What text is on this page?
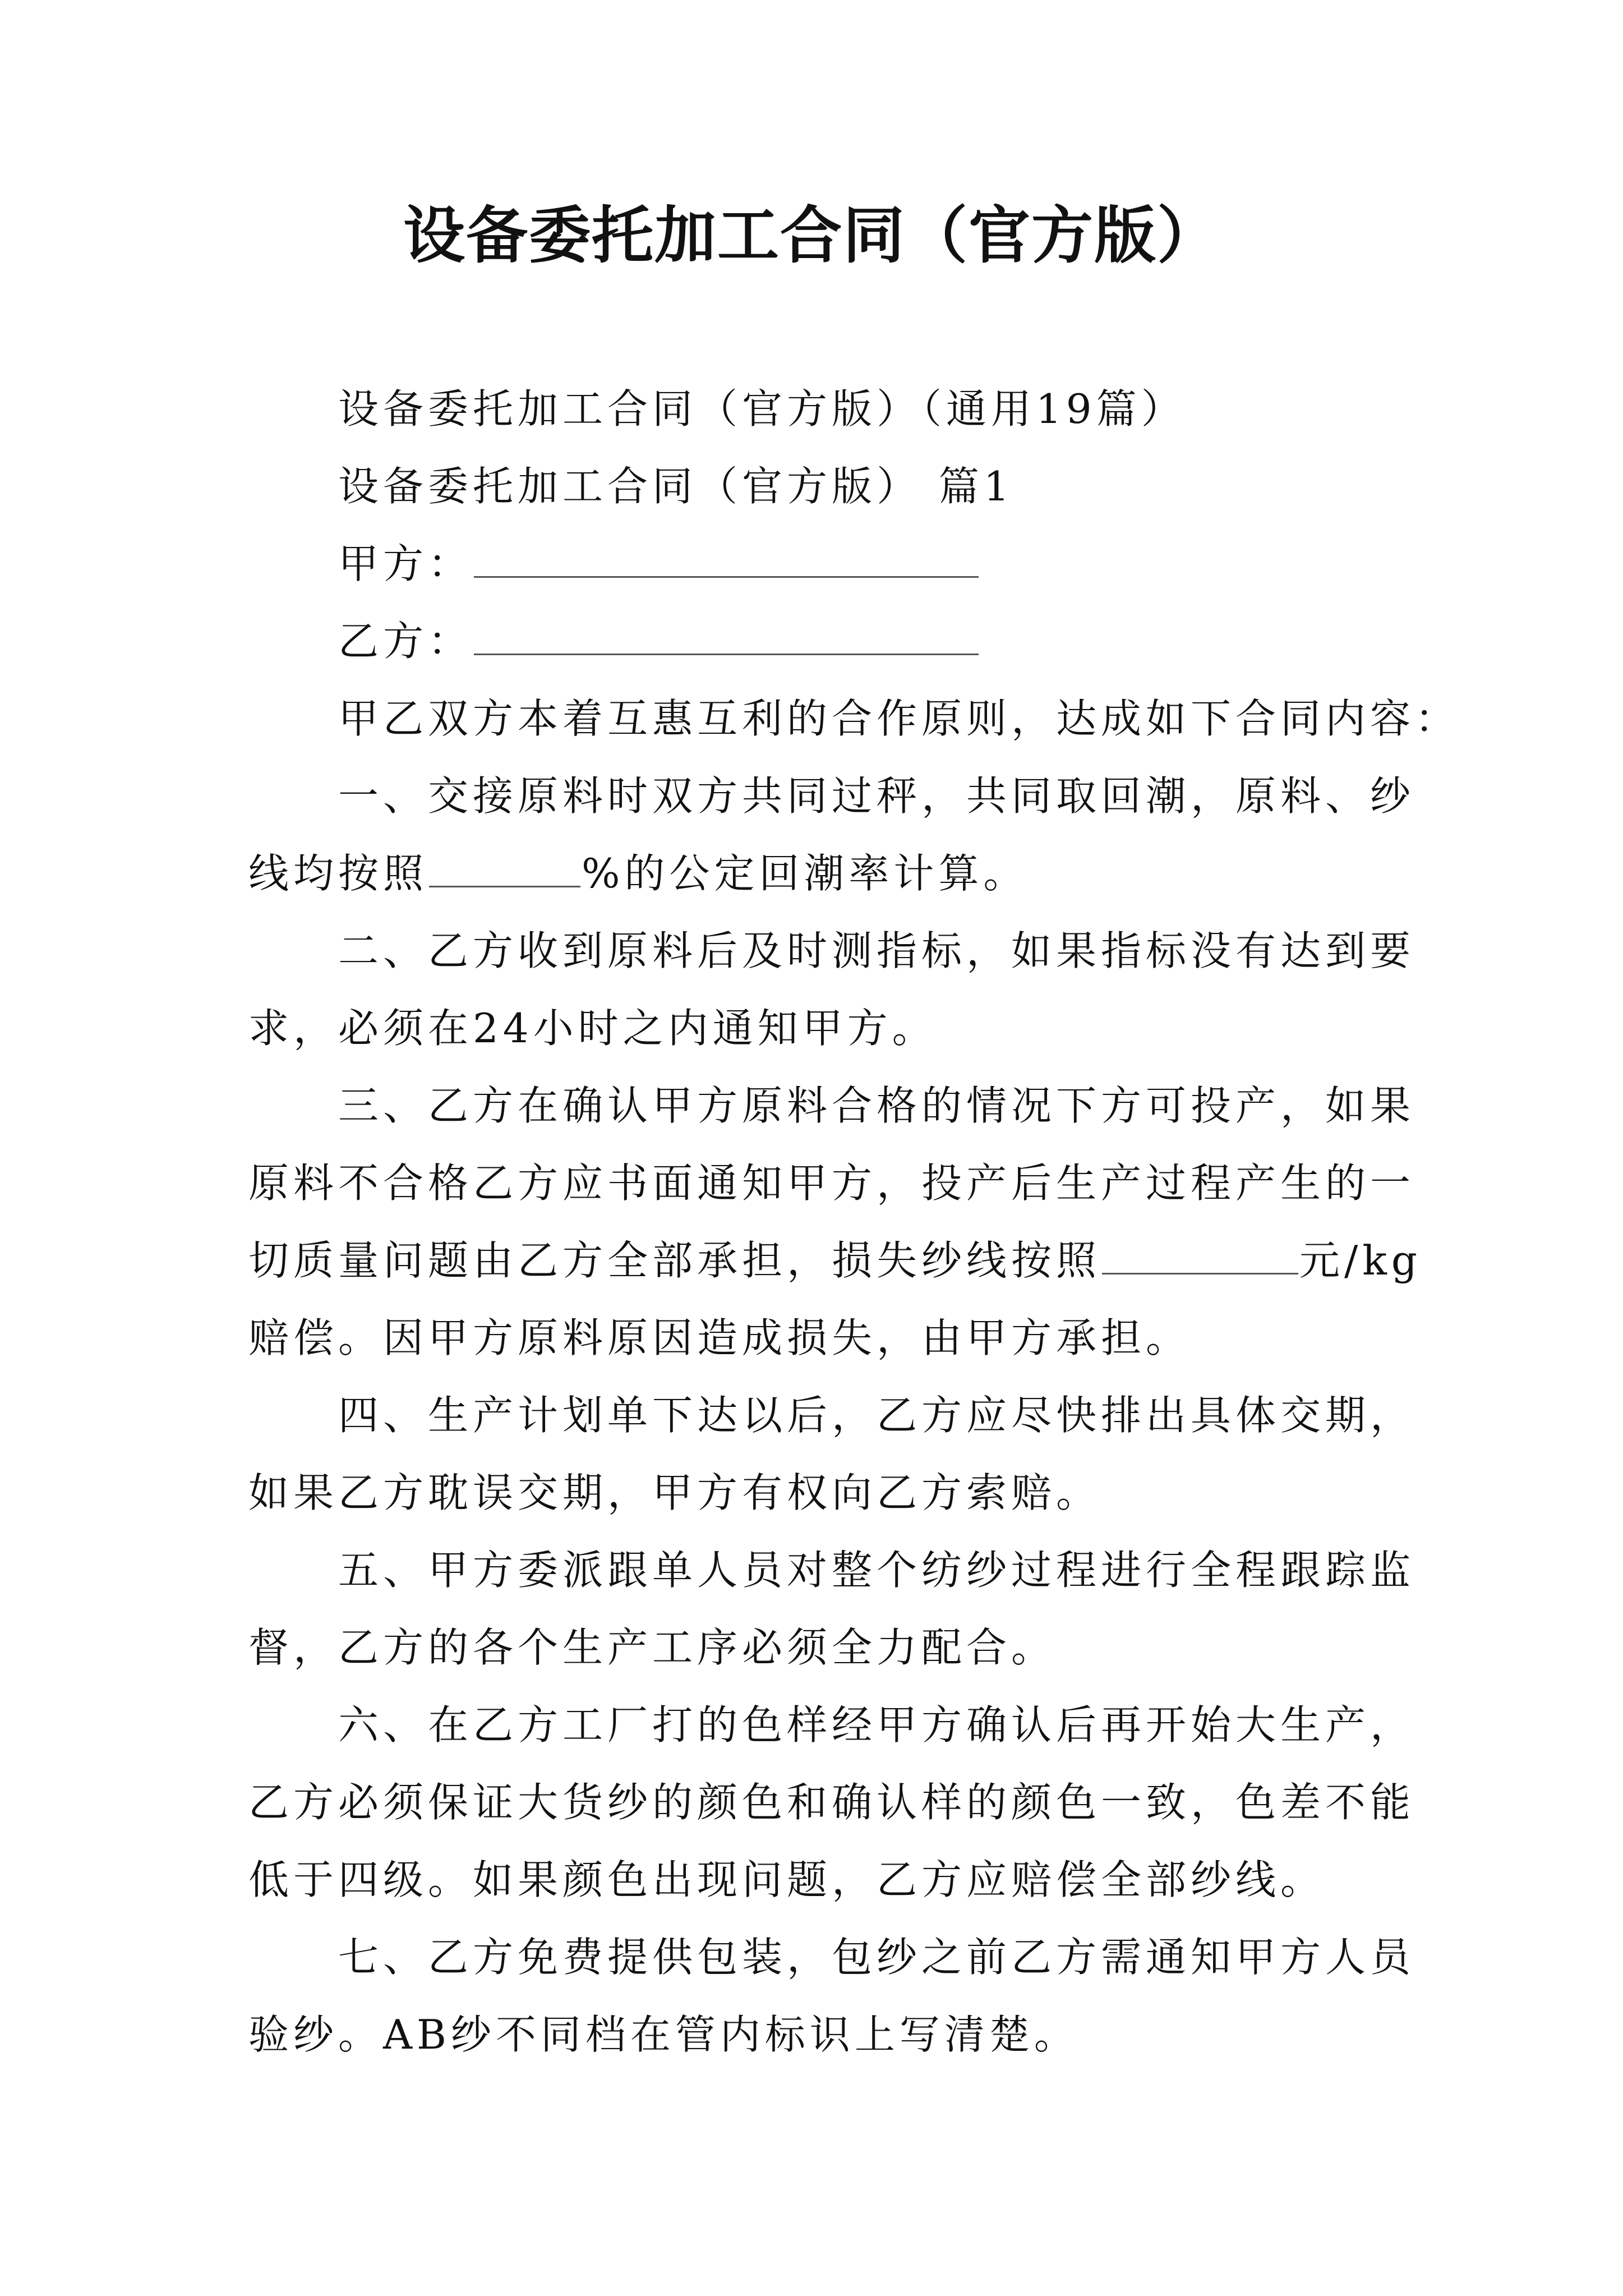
设备委托加工合同（官方版）
设备委托加工合同（官方版）（通用19篇）
设备委托加工合同（官方版） 篇1
甲方：
乙方：
甲乙双方本着互惠互利的合作原则，达成如下合同内容：
一、交接原料时双方共同过秤，共同取回潮，原料、纱
线均按照	%的公定回潮率计算。
二、乙方收到原料后及时测指标，如果指标没有达到要
求，必须在24小时之内通知甲方。
三、乙方在确认甲方原料合格的情况下方可投产，如果
原料不合格乙方应书面通知甲方，投产后生产过程产生的一
切质量问题由乙方全部承担，损失纱线按照	元/kg
赔偿。因甲方原料原因造成损失，由甲方承担。
四、生产计划单下达以后，乙方应尽快排出具体交期，
如果乙方耽误交期，甲方有权向乙方索赔。
五、甲方委派跟单人员对整个纺纱过程进行全程跟踪监
督，乙方的各个生产工序必须全力配合。
六、在乙方工厂打的色样经甲方确认后再开始大生产，
乙方必须保证大货纱的颜色和确认样的颜色一致，色差不能
低于四级。如果颜色出现问题，乙方应赔偿全部纱线。
七、乙方免费提供包装，包纱之前乙方需通知甲方人员
验纱。AB纱不同档在管内标识上写清楚。
